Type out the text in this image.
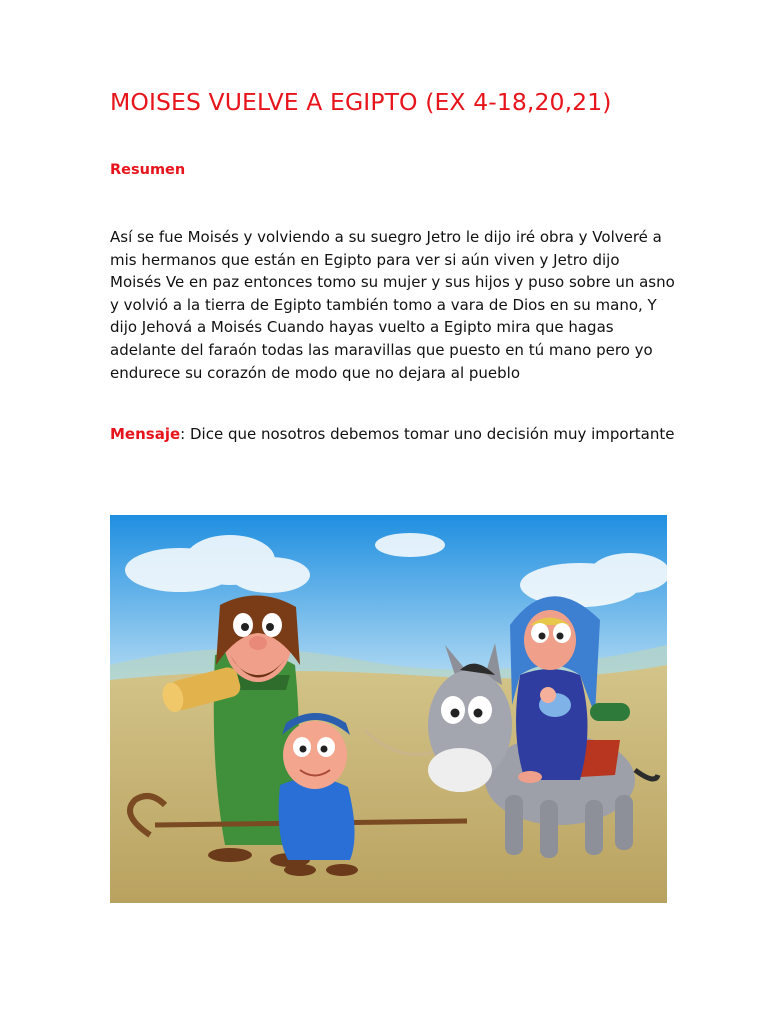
MOISES VUELVE A EGIPTO (EX 4-18,20,21)

Resumen

Así se fue Moisés y volviendo a su suegro Jetro le dijo iré obra y Volveré a
mis hermanos que están en Egipto para ver si aún viven y Jetro dijo
Moisés Ve en paz entonces tomo su mujer y sus hijos y puso sobre un asno
y volvió a la tierra de Egipto también tomo a vara de Dios en su mano, Y
dijo Jehová a Moisés Cuando hayas vuelto a Egipto mira que hagas
adelante del faraón todas las maravillas que puesto en tú mano pero yo
endurece su corazón de modo que no dejara al pueblo

Mensaje: Dice que nosotros debemos tomar uno decisión muy importante
